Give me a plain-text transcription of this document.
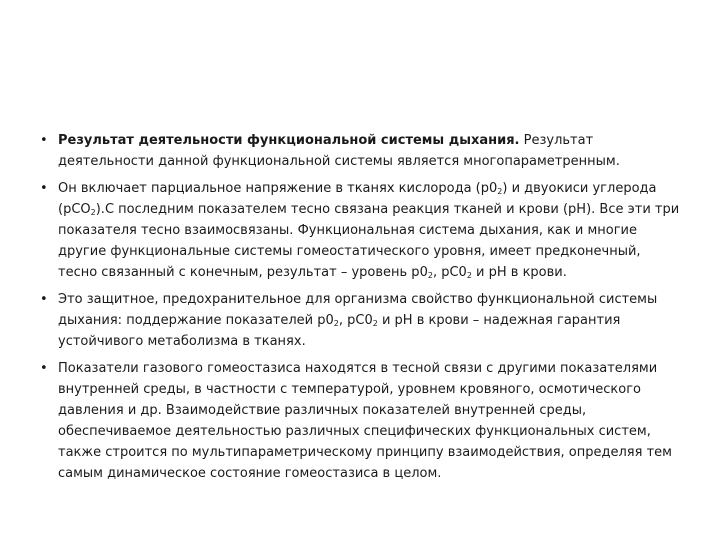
• Результат деятельности функциональной системы дыхания. Результат деятельности данной функциональной системы является многопараметренным.
• Он включает парциальное напряжение в тканях кислорода $(р0_2)$ и двуокиси углерода (рСО$_2$).С последним показателем тесно связана реакция тканей и крови (рН). Все эти три показателя тесно взаимосвязаны. Функциональная система дыхания, как и многие другие функциональные системы гомеостатического уровня, имеет предконечный, тесно связанный с конечным, результат – уровень $р0_2$, $рС0_2$ и рН в крови.
• Это защитное, предохранительное для организма свойство функциональной системы дыхания: поддержание показателей $р0_2$, $рС0_2$ и рН в крови – надежная гарантия устойчивого метаболизма в тканях.
• Показатели газового гомеостазиса находятся в тесной связи с другими показателями внутренней среды, в частности с температурой, уровнем кровяного, осмотического давления и др. Взаимодействие различных показателей внутренней среды, обеспечиваемое деятельностью различных специфических функциональных систем, также строится по мультипараметрическому принципу взаимодействия, определяя тем самым динамическое состояние гомеостазиса в целом.
